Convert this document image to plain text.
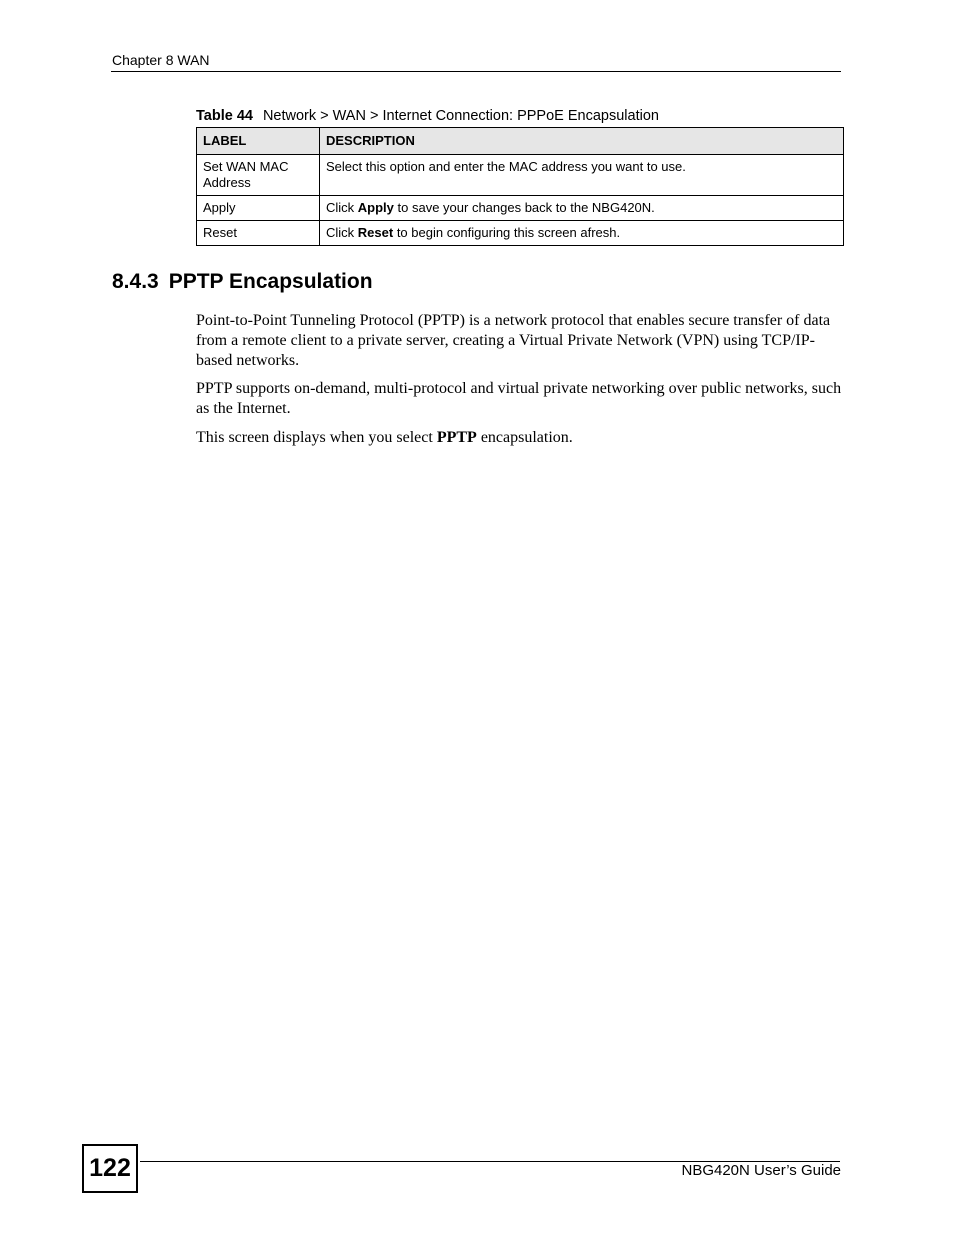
Chapter 8 WAN
Table 44 Network > WAN > Internet Connection: PPPoE Encapsulation
LABEL	DESCRIPTION
Set WAN MAC Address	Select this option and enter the MAC address you want to use.
Apply	Click Apply to save your changes back to the NBG420N.
Reset	Click Reset to begin configuring this screen afresh.
8.4.3 PPTP Encapsulation

Point-to-Point Tunneling Protocol (PPTP) is a network protocol that enables secure transfer of data from a remote client to a private server, creating a Virtual Private Network (VPN) using TCP/IP-based networks.

PPTP supports on-demand, multi-protocol and virtual private networking over public networks, such as the Internet.

This screen displays when you select PPTP encapsulation.

122	NBG420N User’s Guide
